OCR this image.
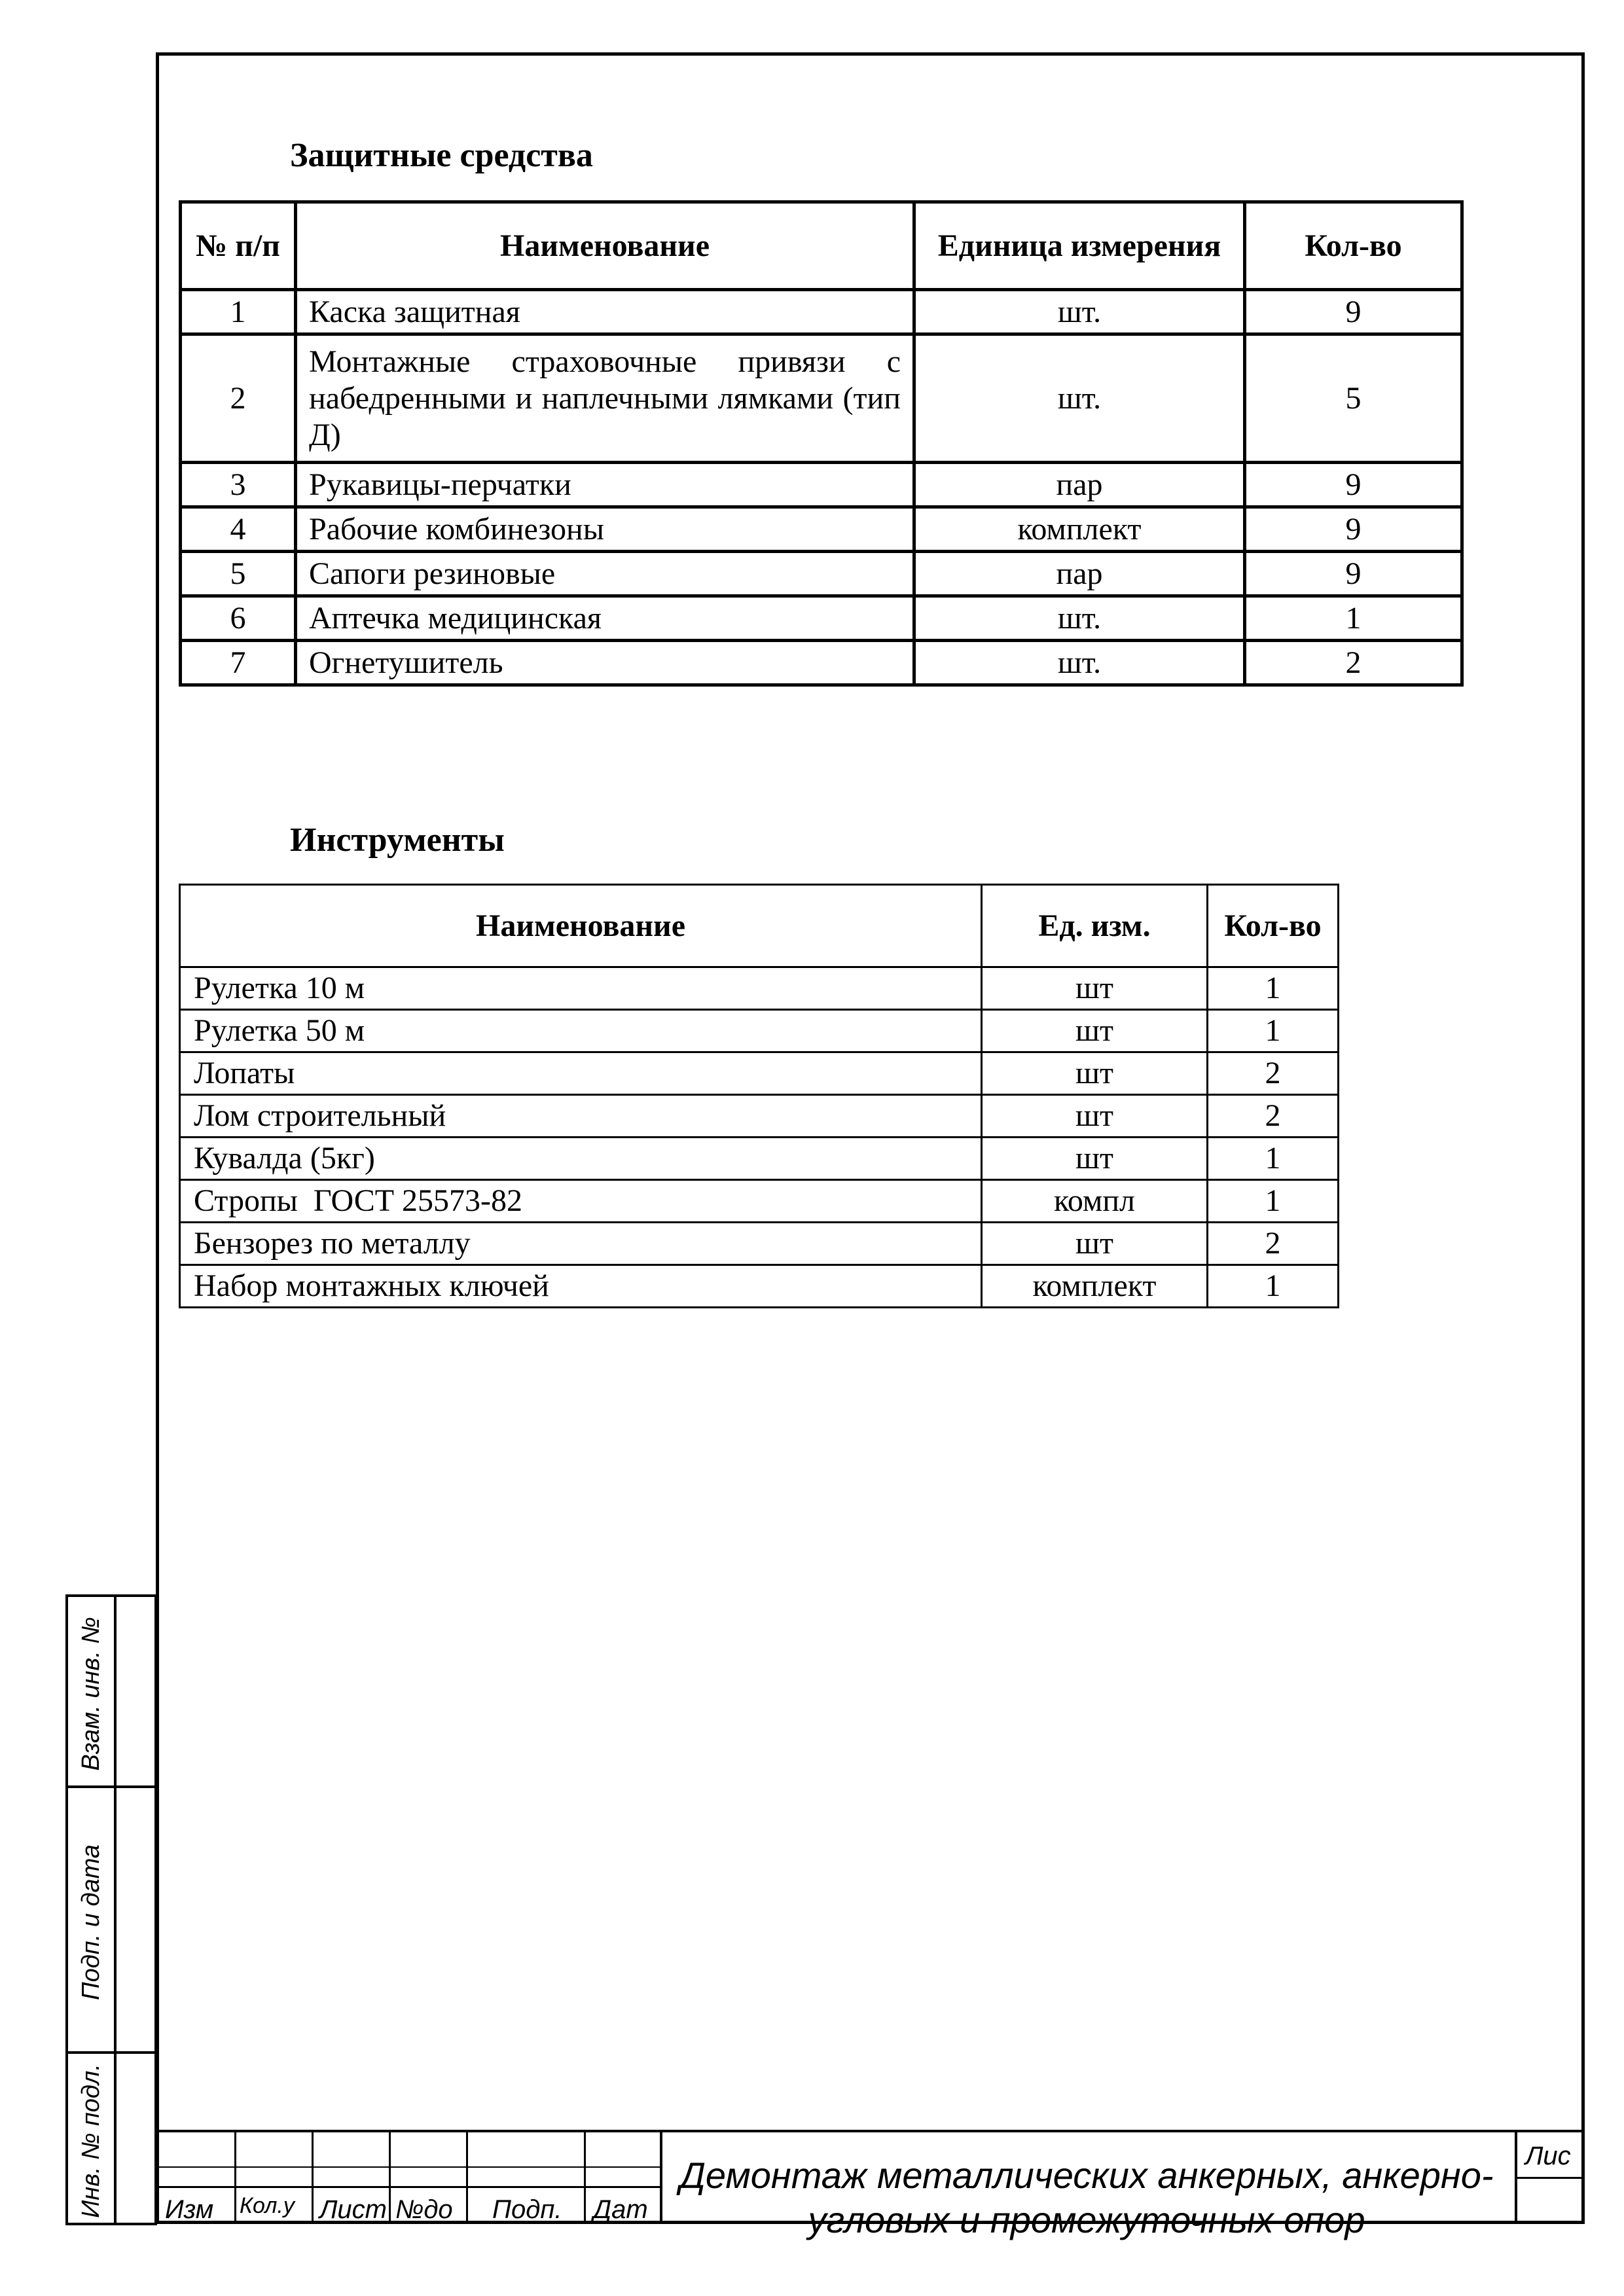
Защитные средства
№ п/п	Наименование	Единица измерения	Кол-во
1	Каска защитная	шт.	9
2	Монтажные страховочные привязи с набедренными и наплечными лямками (тип Д)	шт.	5
3	Рукавицы-перчатки	пар	9
4	Рабочие комбинезоны	комплект	9
5	Сапоги резиновые	пар	9
6	Аптечка медицинская	шт.	1
7	Огнетушитель	шт.	2
Инструменты
Наименование	Ед. изм.	Кол-во
Рулетка 10 м	шт	1
Рулетка 50 м	шт	1
Лопаты	шт	2
Лом строительный	шт	2
Кувалда (5кг)	шт	1
Стропы  ГОСТ 25573-82	компл	1
Бензорез по металлу	шт	2
Набор монтажных ключей	комплект	1
Взам. инв. №
Подп. и дата
Инв. № подл. Изм Кол.у Лист №до Подп. Дат
Демонтаж металлических анкерных, анкерно-угловых и промежуточных опор
Лис
